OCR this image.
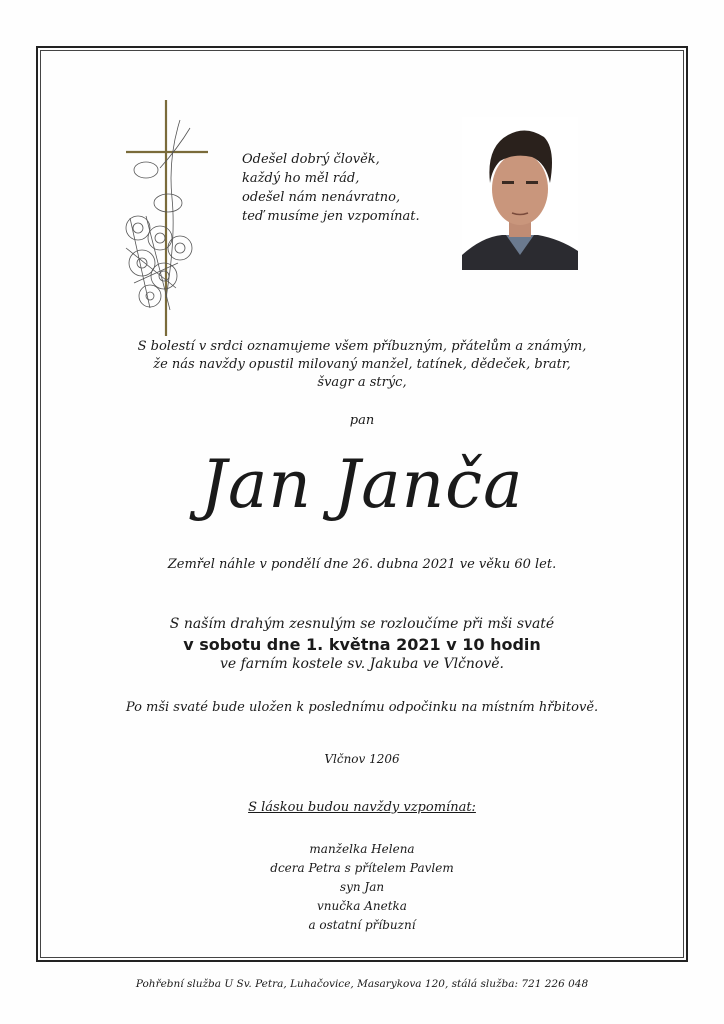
Odešel dobrý člověk,
každý ho měl rád,
odešel nám nenávratno,
teď musíme jen vzpomínat.
S bolestí v srdci oznamujeme všem příbuzným, přátelům a známým,
že nás navždy opustil milovaný manžel, tatínek, dědeček, bratr,
švagr a strýc,
pan
Jan Janča
Zemřel náhle v pondělí dne 26. dubna 2021 ve věku 60 let.
S naším drahým zesnulým se rozloučíme při mši svaté
v sobotu dne 1. května 2021 v 10 hodin
ve farním kostele sv. Jakuba ve Vlčnově.
Po mši svaté bude uložen k poslednímu odpočinku na místním hřbitově.
Vlčnov 1206
S láskou budou navždy vzpomínat:
manželka Helena
dcera Petra s přítelem Pavlem
syn Jan
vnučka Anetka
a ostatní příbuzní
Pohřební služba U Sv. Petra, Luhačovice, Masarykova 120, stálá služba: 721 226 048
